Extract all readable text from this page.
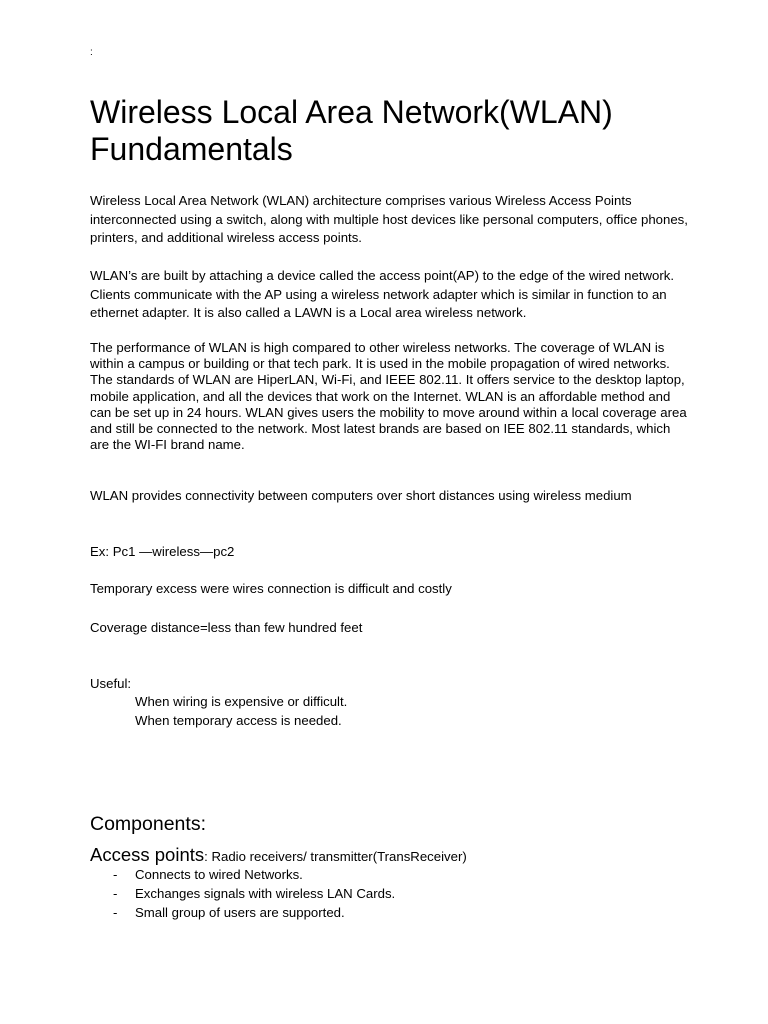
:
Wireless Local Area Network(WLAN) Fundamentals

Wireless Local Area Network (WLAN) architecture comprises various Wireless Access Points interconnected using a switch, along with multiple host devices like personal computers, office phones, printers, and additional wireless access points.

WLAN’s are built by attaching a device called the access point(AP) to the edge of the wired network. Clients communicate with the AP using a wireless network adapter which is similar in function to an ethernet adapter. It is also called a LAWN is a Local area wireless network.

The performance of WLAN is high compared to other wireless networks. The coverage of WLAN is within a campus or building or that tech park. It is used in the mobile propagation of wired networks. The standards of WLAN are HiperLAN, Wi-Fi, and IEEE 802.11. It offers service to the desktop laptop, mobile application, and all the devices that work on the Internet. WLAN is an affordable method and can be set up in 24 hours. WLAN gives users the mobility to move around within a local coverage area and still be connected to the network. Most latest brands are based on IEE 802.11 standards, which are the WI-FI brand name.

WLAN provides connectivity between computers over short distances using wireless medium
Ex: Pc1 —wireless—pc2
Temporary excess were wires connection is difficult and costly
Coverage distance=less than few hundred feet
Useful:
When wiring is expensive or difficult.
When temporary access is needed.
Components:
Access points: Radio receivers/ transmitter(TransReceiver)
- Connects to wired Networks.
- Exchanges signals with wireless LAN Cards.
- Small group of users are supported.
